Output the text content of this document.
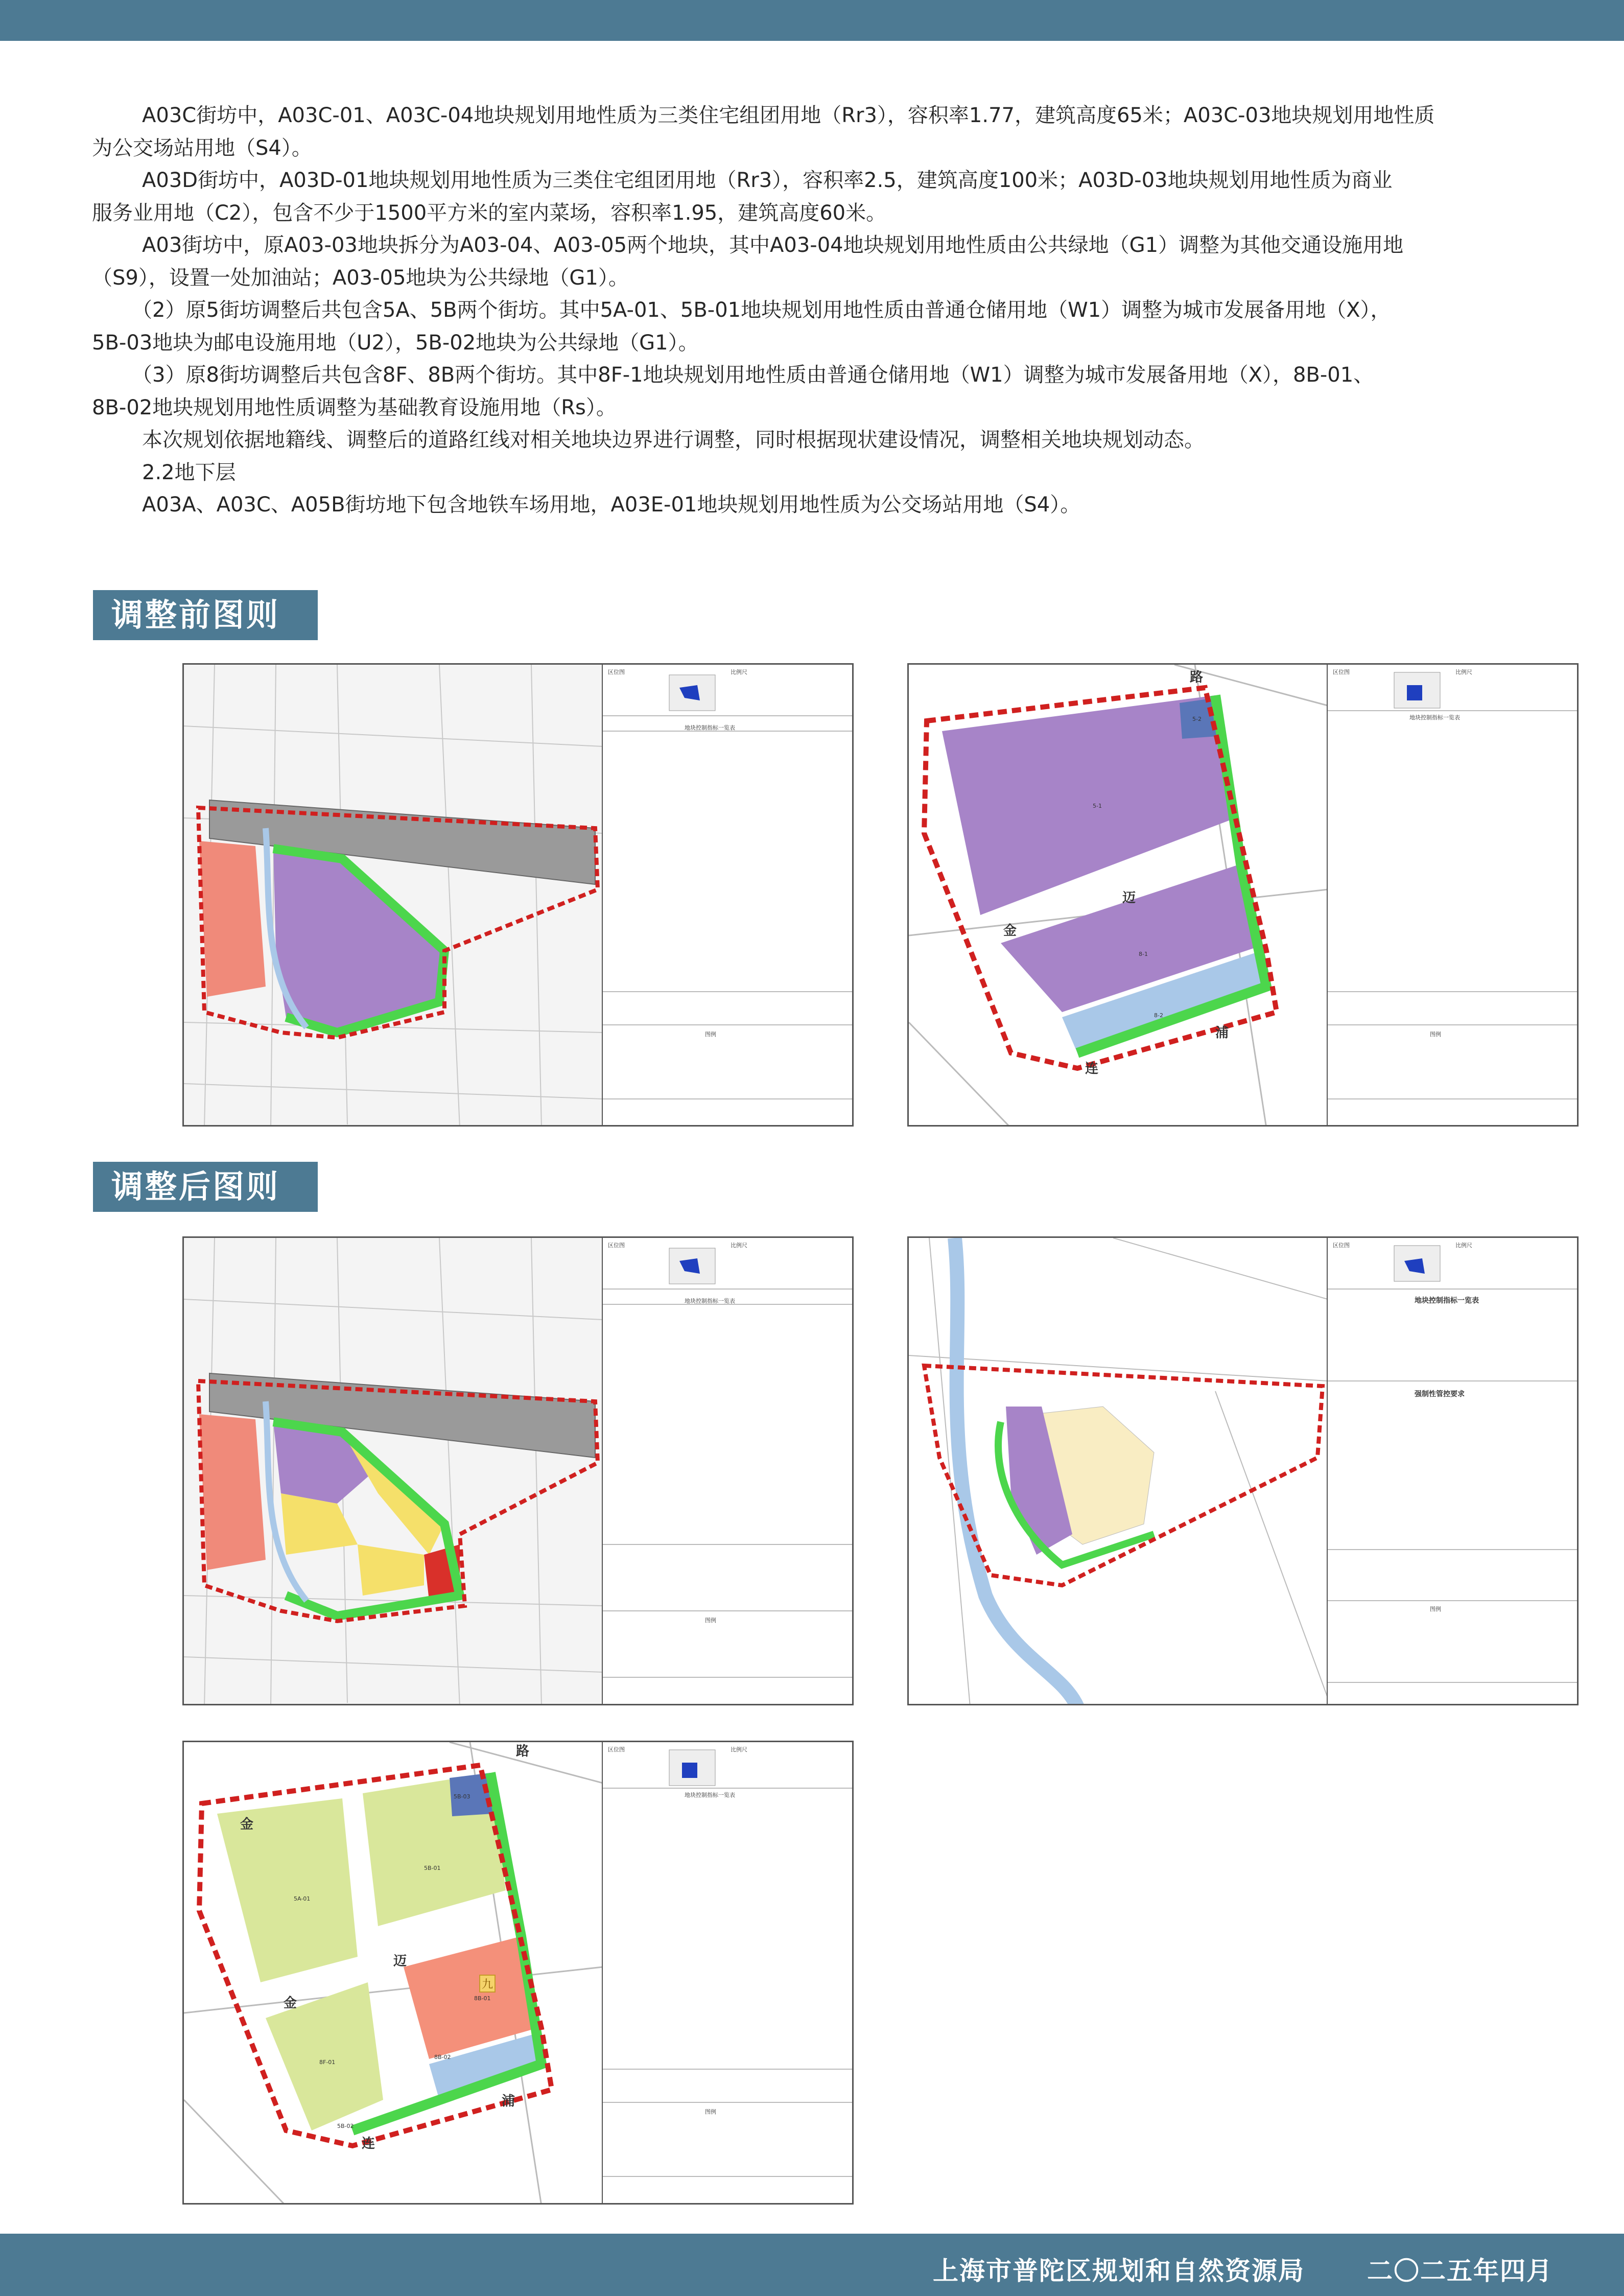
A03C街坊中，A03C-01、A03C-04地块规划用地性质为三类住宅组团用地（Rr3），容积率1.77，建筑高度65米；A03C-03地块规划用地性质

为公交场站用地（S4）。

A03D街坊中，A03D-01地块规划用地性质为三类住宅组团用地（Rr3），容积率2.5，建筑高度100米；A03D-03地块规划用地性质为商业

服务业用地（C2），包含不少于1500平方米的室内菜场，容积率1.95，建筑高度60米。

A03街坊中，原A03-03地块拆分为A03-04、A03-05两个地块，其中A03-04地块规划用地性质由公共绿地（G1）调整为其他交通设施用地

（S9），设置一处加油站；A03-05地块为公共绿地（G1）。

（2）原5街坊调整后共包含5A、5B两个街坊。其中5A-01、5B-01地块规划用地性质由普通仓储用地（W1）调整为城市发展备用地（X），

5B-03地块为邮电设施用地（U2），5B-02地块为公共绿地（G1）。

（3）原8街坊调整后共包含8F、8B两个街坊。其中8F-1地块规划用地性质由普通仓储用地（W1）调整为城市发展备用地（X），8B-01、

8B-02地块规划用地性质调整为基础教育设施用地（Rs）。

本次规划依据地籍线、调整后的道路红线对相关地块边界进行调整，同时根据现状建设情况，调整相关地块规划动态。

2.2地下层

A03A、A03C、A05B街坊地下包含地铁车场用地，A03E-01地块规划用地性质为公交场站用地（S4）。

调整前图则
调整后图则
区位图	比例尺
地块控制指标一览表
图例
路
金
迈
连
浦
5-1
5-2
8-1
8-2
区位图	比例尺
地块控制指标一览表
图例
区位图	比例尺
地块控制指标一览表
图例
区位图	比例尺
地块控制指标一览表
强制性管控要求
图例
路
金
迈
连
浦
金
5B-03
5B-01
5A-01
8B-01
8B-02
8F-01
5B-02
九
区位图	比例尺
地块控制指标一览表
图例
上海市普陀区规划和自然资源局 二〇二五年四月
